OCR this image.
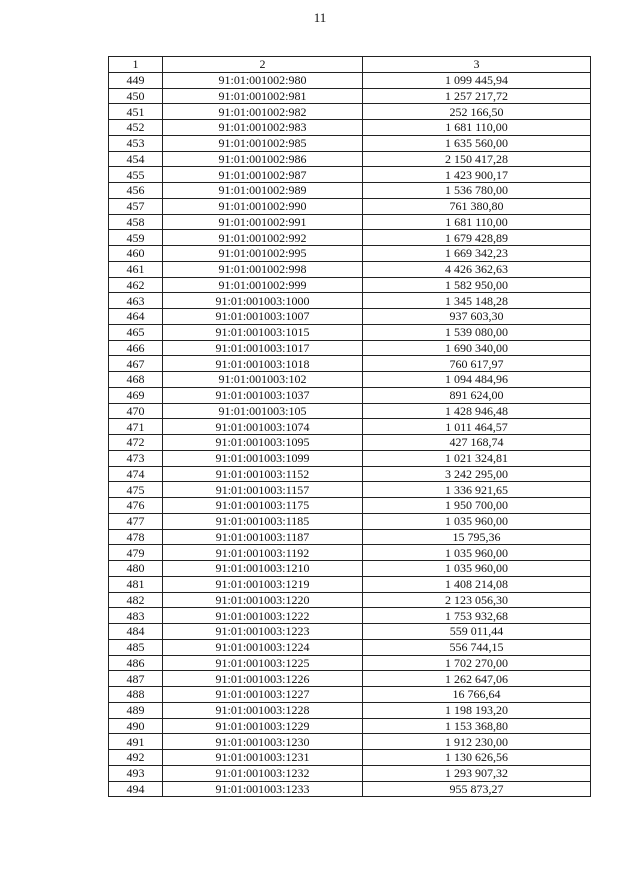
11
1	2	3
449	91:01:001002:980	1 099 445,94
450	91:01:001002:981	1 257 217,72
451	91:01:001002:982	252 166,50
452	91:01:001002:983	1 681 110,00
453	91:01:001002:985	1 635 560,00
454	91:01:001002:986	2 150 417,28
455	91:01:001002:987	1 423 900,17
456	91:01:001002:989	1 536 780,00
457	91:01:001002:990	761 380,80
458	91:01:001002:991	1 681 110,00
459	91:01:001002:992	1 679 428,89
460	91:01:001002:995	1 669 342,23
461	91:01:001002:998	4 426 362,63
462	91:01:001002:999	1 582 950,00
463	91:01:001003:1000	1 345 148,28
464	91:01:001003:1007	937 603,30
465	91:01:001003:1015	1 539 080,00
466	91:01:001003:1017	1 690 340,00
467	91:01:001003:1018	760 617,97
468	91:01:001003:102	1 094 484,96
469	91:01:001003:1037	891 624,00
470	91:01:001003:105	1 428 946,48
471	91:01:001003:1074	1 011 464,57
472	91:01:001003:1095	427 168,74
473	91:01:001003:1099	1 021 324,81
474	91:01:001003:1152	3 242 295,00
475	91:01:001003:1157	1 336 921,65
476	91:01:001003:1175	1 950 700,00
477	91:01:001003:1185	1 035 960,00
478	91:01:001003:1187	15 795,36
479	91:01:001003:1192	1 035 960,00
480	91:01:001003:1210	1 035 960,00
481	91:01:001003:1219	1 408 214,08
482	91:01:001003:1220	2 123 056,30
483	91:01:001003:1222	1 753 932,68
484	91:01:001003:1223	559 011,44
485	91:01:001003:1224	556 744,15
486	91:01:001003:1225	1 702 270,00
487	91:01:001003:1226	1 262 647,06
488	91:01:001003:1227	16 766,64
489	91:01:001003:1228	1 198 193,20
490	91:01:001003:1229	1 153 368,80
491	91:01:001003:1230	1 912 230,00
492	91:01:001003:1231	1 130 626,56
493	91:01:001003:1232	1 293 907,32
494	91:01:001003:1233	955 873,27
